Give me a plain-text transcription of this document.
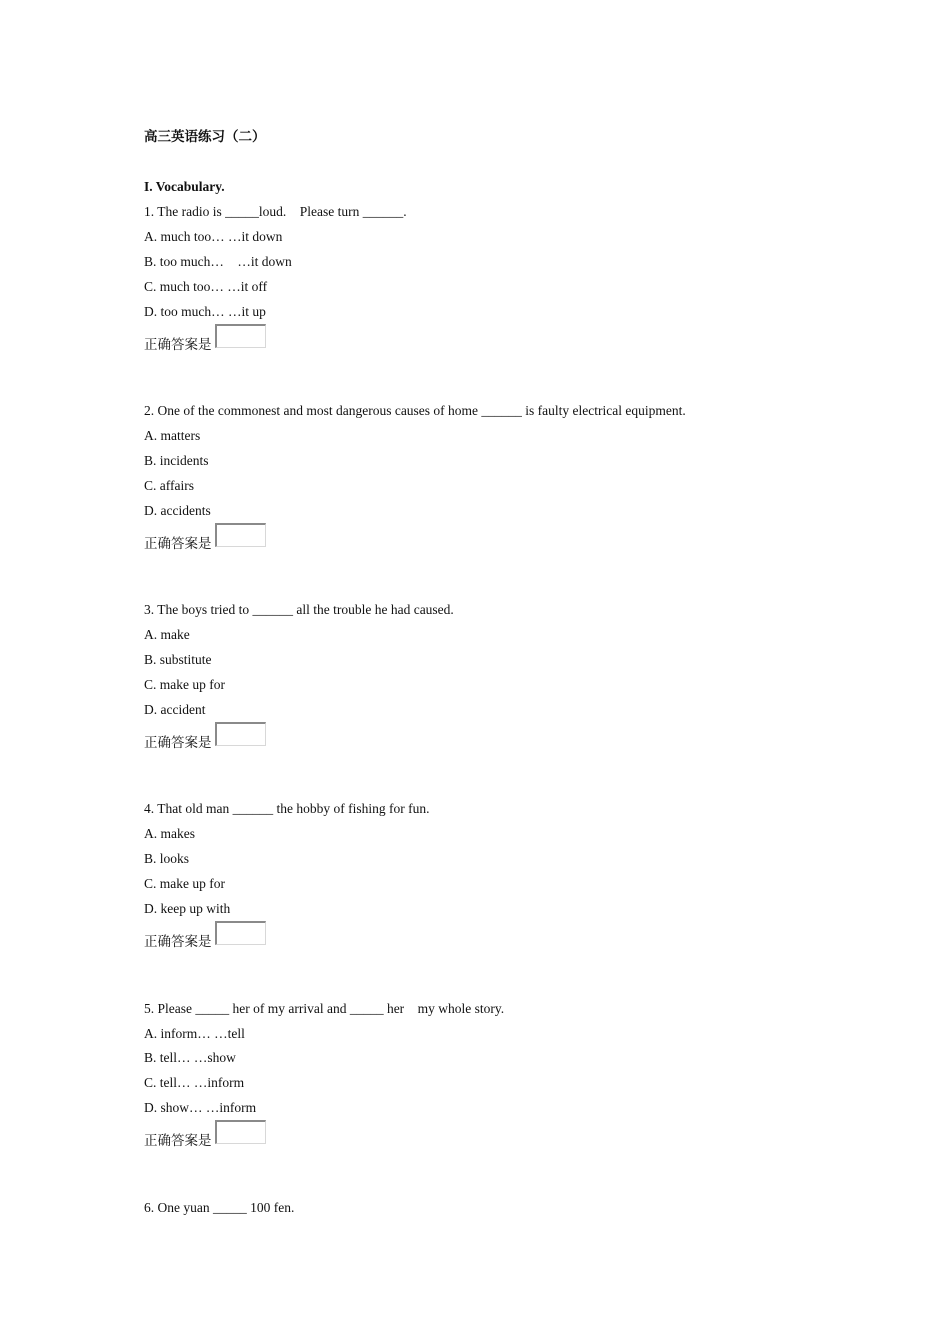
高三英语练习（二）
I. Vocabulary.
1. The radio is _____loud.    Please turn ______.
A. much too… …it down
B. too much…    …it down
C. much too… …it off
D. too much… …it up
正确答案是
2. One of the commonest and most dangerous causes of home ______ is faulty electrical equipment.
A. matters
B. incidents
C. affairs
D. accidents
正确答案是
3. The boys tried to ______ all the trouble he had caused.
A. make
B. substitute
C. make up for
D. accident
正确答案是
4. That old man ______ the hobby of fishing for fun.
A. makes
B. looks
C. make up for
D. keep up with
正确答案是
5. Please _____ her of my arrival and _____ her    my whole story.
A. inform… …tell
B. tell… …show
C. tell… …inform
D. show… …inform
正确答案是
6. One yuan _____ 100 fen.
